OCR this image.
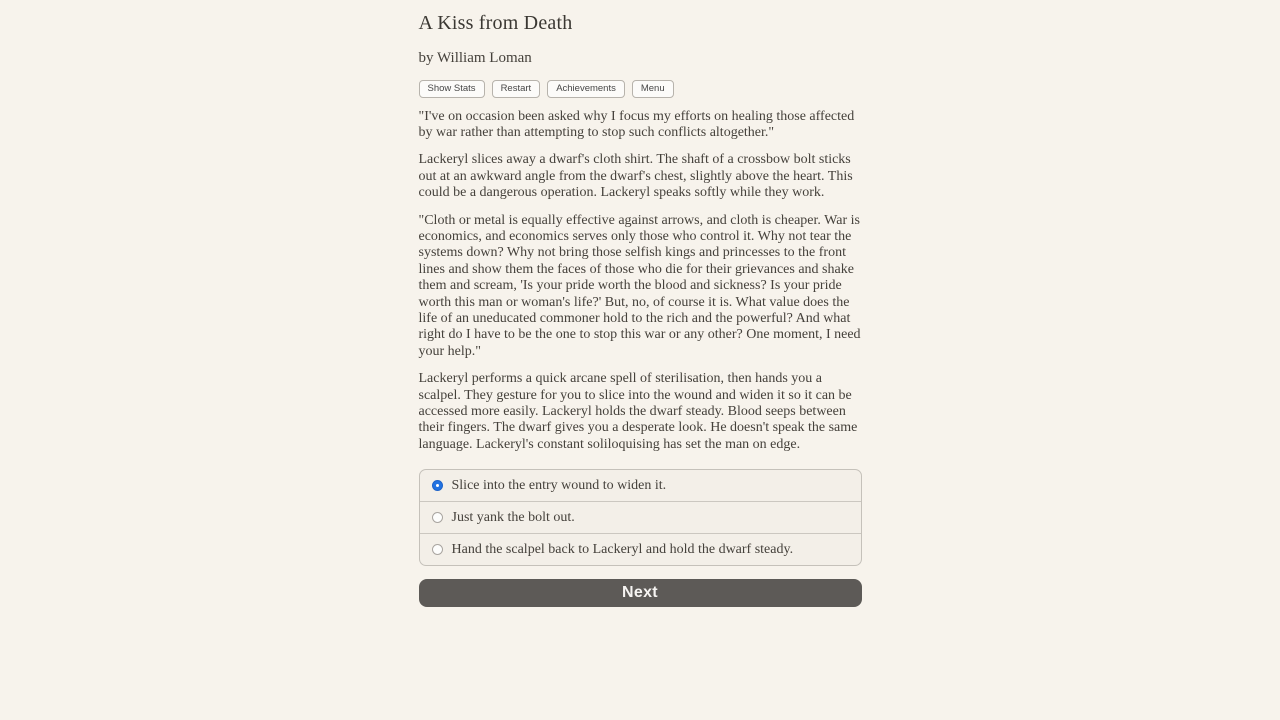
A Kiss from Death

by William Loman

Show Stats	Restart	Achievements	Menu

"I've on occasion been asked why I focus my efforts on healing those affected by war rather than attempting to stop such conflicts altogether."

Lackeryl slices away a dwarf's cloth shirt. The shaft of a crossbow bolt sticks out at an awkward angle from the dwarf's chest, slightly above the heart. This could be a dangerous operation. Lackeryl speaks softly while they work.

"Cloth or metal is equally effective against arrows, and cloth is cheaper. War is economics, and economics serves only those who control it. Why not tear the systems down? Why not bring those selfish kings and princesses to the front lines and show them the faces of those who die for their grievances and shake them and scream, 'Is your pride worth the blood and sickness? Is your pride worth this man or woman's life?' But, no, of course it is. What value does the life of an uneducated commoner hold to the rich and the powerful? And what right do I have to be the one to stop this war or any other? One moment, I need your help."

Lackeryl performs a quick arcane spell of sterilisation, then hands you a scalpel. They gesture for you to slice into the wound and widen it so it can be accessed more easily. Lackeryl holds the dwarf steady. Blood seeps between their fingers. The dwarf gives you a desperate look. He doesn't speak the same language. Lackeryl's constant soliloquising has set the man on edge.

Slice into the entry wound to widen it.
Just yank the bolt out.
Hand the scalpel back to Lackeryl and hold the dwarf steady.
Next
